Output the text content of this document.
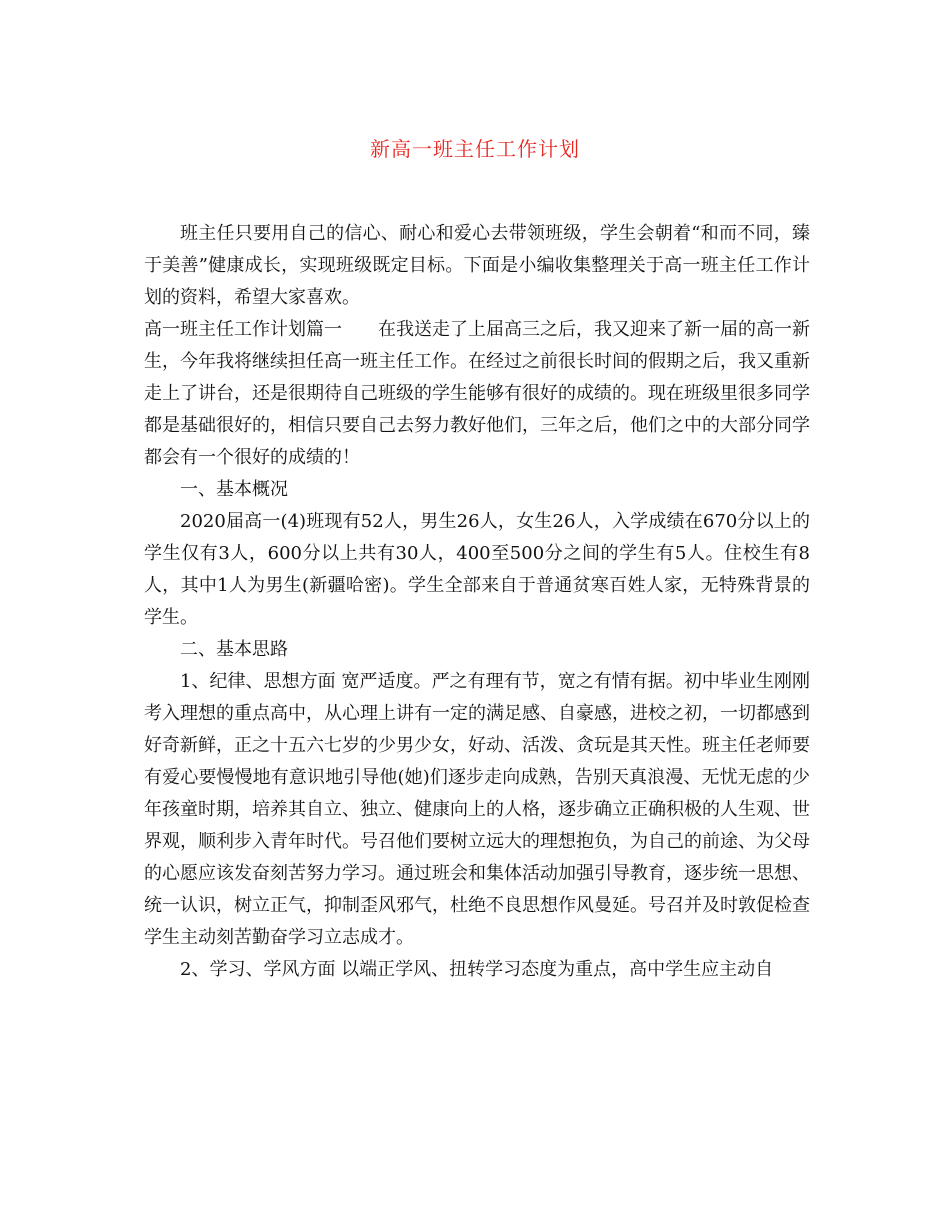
新高一班主任工作计划

班主任只要用自己的信心、耐心和爱心去带领班级，学生会朝着“和而不同，臻于美善”健康成长，实现班级既定目标。下面是小编收集整理关于高一班主任工作计划的资料，希望大家喜欢。

高一班主任工作计划篇一 在我送走了上届高三之后，我又迎来了新一届的高一新生，今年我将继续担任高一班主任工作。在经过之前很长时间的假期之后，我又重新走上了讲台，还是很期待自己班级的学生能够有很好的成绩的。现在班级里很多同学都是基础很好的，相信只要自己去努力教好他们，三年之后，他们之中的大部分同学都会有一个很好的成绩的！

一、基本概况

2020届高一(4)班现有52人，男生26人，女生26人，入学成绩在670分以上的学生仅有3人，600分以上共有30人，400至500分之间的学生有5人。住校生有8人，其中1人为男生(新疆哈密)。学生全部来自于普通贫寒百姓人家，无特殊背景的学生。

二、基本思路

1、纪律、思想方面 宽严适度。严之有理有节，宽之有情有据。初中毕业生刚刚考入理想的重点高中，从心理上讲有一定的满足感、自豪感，进校之初，一切都感到好奇新鲜，正之十五六七岁的少男少女，好动、活泼、贪玩是其天性。班主任老师要有爱心要慢慢地有意识地引导他(她)们逐步走向成熟，告别天真浪漫、无忧无虑的少年孩童时期，培养其自立、独立、健康向上的人格，逐步确立正确积极的人生观、世界观，顺利步入青年时代。号召他们要树立远大的理想抱负，为自己的前途、为父母的心愿应该发奋刻苦努力学习。通过班会和集体活动加强引导教育，逐步统一思想、统一认识，树立正气，抑制歪风邪气，杜绝不良思想作风曼延。号召并及时敦促检查学生主动刻苦勤奋学习立志成才。

2、学习、学风方面 以端正学风、扭转学习态度为重点，高中学生应主动自
